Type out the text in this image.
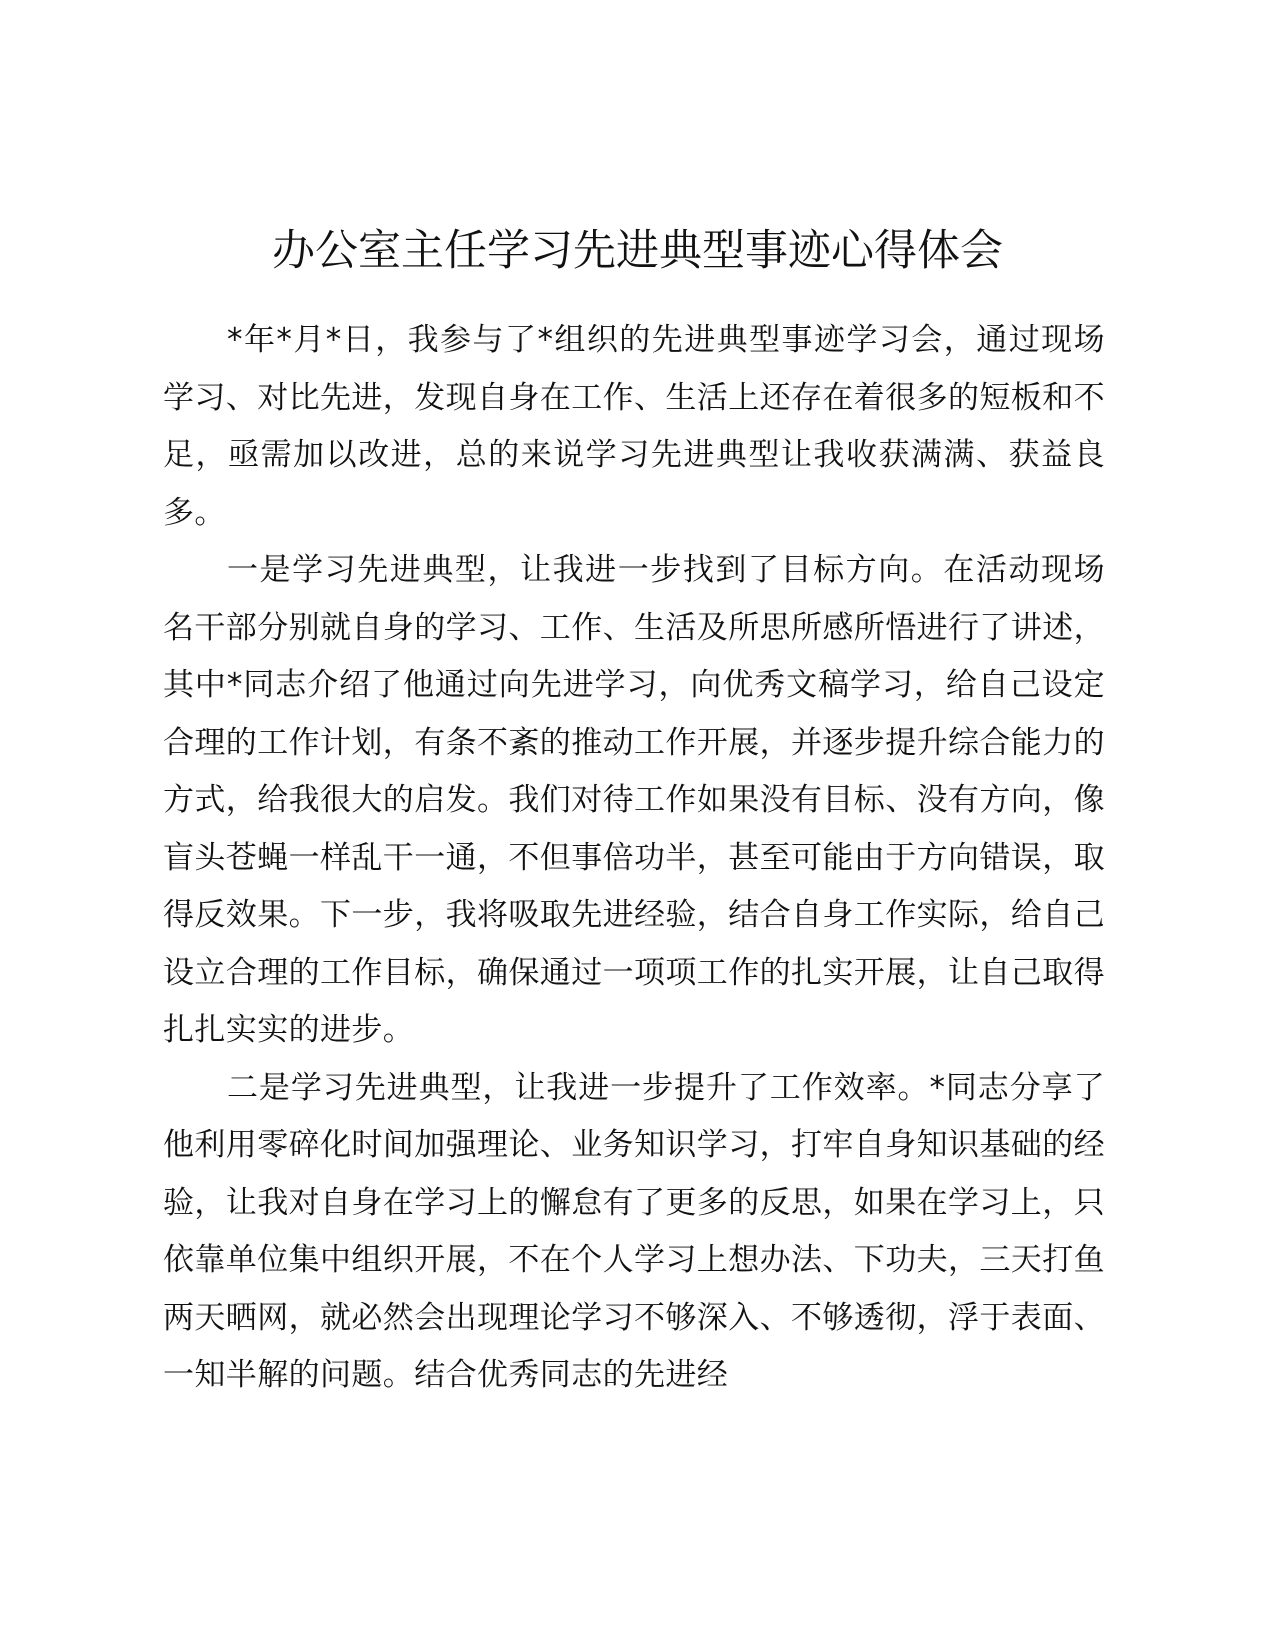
办公室主任学习先进典型事迹心得体会

*年*月*日，我参与了*组织的先进典型事迹学习会，通过现场学习、对比先进，发现自身在工作、生活上还存在着很多的短板和不足，亟需加以改进，总的来说学习先进典型让我收获满满、获益良多。

一是学习先进典型，让我进一步找到了目标方向。在活动现场名干部分别就自身的学习、工作、生活及所思所感所悟进行了讲述，其中*同志介绍了他通过向先进学习，向优秀文稿学习，给自己设定合理的工作计划，有条不紊的推动工作开展，并逐步提升综合能力的方式，给我很大的启发。我们对待工作如果没有目标、没有方向，像盲头苍蝇一样乱干一通，不但事倍功半，甚至可能由于方向错误，取得反效果。下一步，我将吸取先进经验，结合自身工作实际，给自己设立合理的工作目标，确保通过一项项工作的扎实开展，让自己取得扎扎实实的进步。

二是学习先进典型，让我进一步提升了工作效率。*同志分享了他利用零碎化时间加强理论、业务知识学习，打牢自身知识基础的经验，让我对自身在学习上的懈怠有了更多的反思，如果在学习上，只依靠单位集中组织开展，不在个人学习上想办法、下功夫，三天打鱼两天晒网，就必然会出现理论学习不够深入、不够透彻，浮于表面、一知半解的问题。结合优秀同志的先进经
